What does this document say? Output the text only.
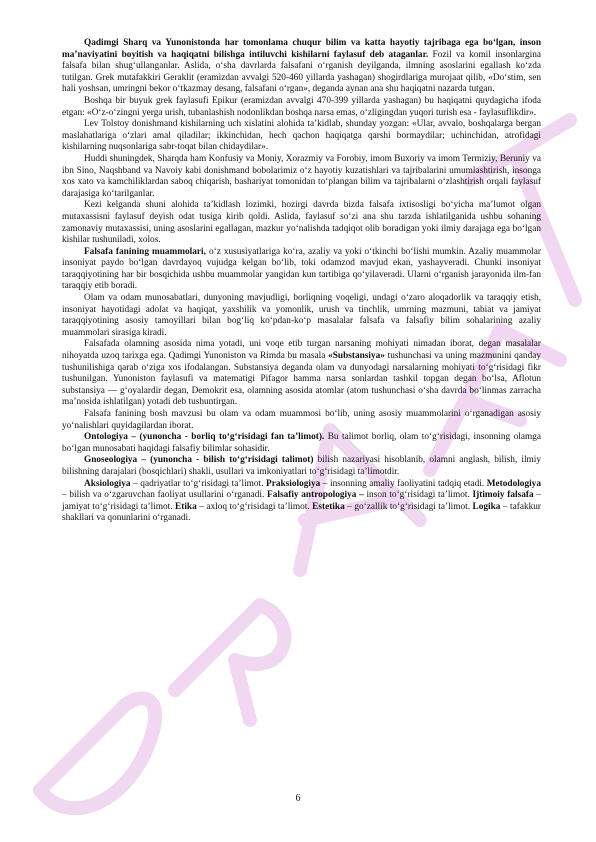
Qadimgi Sharq va Yunonistonda har tomonlama chuqur bilim va katta hayotiy tajribaga ega bo‘lgan, inson ma’naviyatini boyitish va haqiqatni bilishga intiluvchi kishilarni faylasuf deb ataganlar. Fozil va komil insonlargina falsafa bilan shug‘ullanganlar. Aslida, o‘sha davrlarda falsafani o‘rganish deyilganda, ilmning asoslarini egallash ko‘zda tutilgan. Grek mutafakkiri Geraklit (eramizdan avvalgi 520-460 yillarda yashagan) shogirdlariga murojaat qilib, «Do‘stim, sen hali yoshsan, umringni bekor o‘tkazmay desang, falsafani o‘rgan», deganda aynan ana shu haqiqatni nazarda tutgan.

Boshqa bir buyuk grek faylasufi Epikur (eramizdan avvalgi 470-399 yillarda yashagan) bu haqiqatni quydagicha ifoda etgan: «O‘z-o‘zingni yerga urish, tubanlashish nodonlikdan boshqa narsa emas, o‘zligingdan yuqori turish esa - faylasuflikdir».

Lev Tolstoy donishmand kishilarning uch xislatini alohida ta’kidlab, shunday yozgan: «Ular, avvalo, boshqalarga bergan maslahatlariga o‘zlari amal qiladilar; ikkinchidan, hech qachon haqiqatga qarshi bormaydilar; uchinchidan, atrofidagi kishilarning nuqsonlariga sabr-toqat bilan chidaydilar».

Huddi shuningdek, Sharqda ham Konfusiy va Moniy, Xorazmiy va Forobiy, imom Buxoriy va imom Termiziy, Beruniy va ibn Sino, Naqshband va Navoiy kabi donishmand bobolarimiz o‘z hayotiy kuzatishlari va tajribalarini umumlashtirish, insonga xos xato va kamchiliklardan saboq chiqarish, bashariyat tomonidan to‘plangan bilim va tajribalarni o‘zlashtirish orqali faylasuf darajasiga ko‘tarilganlar.

Kezi kelganda shuni alohida ta’kidlash lozimki, hozirgi davrda bizda falsafa ixtisosligi bo‘yicha ma’lumot olgan mutaxassisni faylasuf deyish odat tusiga kirib qoldi. Aslida, faylasuf so‘zi ana shu tarzda ishlatilganida ushbu sohaning zamonaviy mutaxassisi, uning asoslarini egallagan, mazkur yo‘nalishda tadqiqot olib boradigan yoki ilmiy darajaga ega bo‘lgan kishilar tushuniladi, xolos.

Falsafa fanining muammolari, o‘z xususiyatlariga ko‘ra, azaliy va yoki o‘tkinchi bo‘lishi mumkin. Azaliy muammolar insoniyat paydo bo‘lgan davrdayoq vujudga kelgan bo‘lib, toki odamzod mavjud ekan, yashayveradi. Chunki insoniyat taraqqiyotining har bir bosqichida ushbu muammolar yangidan kun tartibiga qo‘yilaveradi. Ularni o‘rganish jarayonida ilm-fan taraqqiy etib boradi.

Olam va odam munosabatlari, dunyoning mavjudligi, borliqning voqeligi, undagi o‘zaro aloqadorlik va taraqqiy etish, insoniyat hayotidagi adolat va haqiqat, yaxshilik va yomonlik, urush va tinchlik, umrning mazmuni, tabiat va jamiyat taraqqiyotining asosiy tamoyillari bilan bog‘liq ko‘pdan-ko‘p masalalar falsafa va falsafiy bilim sohalarining azaliy muammolari sirasiga kiradi.

Falsafada olamning asosida nima yotadi, uni voqe etib turgan narsaning mohiyati nimadan iborat, degan masalalar nihoyatda uzoq tarixga ega. Qadimgi Yunoniston va Rimda bu masala «Substansiya» tushunchasi va uning mazmunini qanday tushunilishiga qarab o‘ziga xos ifodalangan. Substansiya deganda olam va dunyodagi narsalarning mohiyati to‘g‘risidagi fikr tushunilgan. Yunoniston faylasufi va matematigi Pifagor hamma narsa sonlardan tashkil topgan degan bo‘lsa, Aflotun substansiya — g‘oyalardir degan, Demokrit esa, olamning asosida atomlar (atom tushunchasi o‘sha davrda bo‘linmas zarracha ma’nosida ishlatilgan) yotadi deb tushuntirgan.

Falsafa fanining bosh mavzusi bu olam va odam muammosi bo‘lib, uning asosiy muammolarini o‘rganadigan asosiy yo‘nalishlari quyidagilardan iborat.

Ontologiya – (yunoncha - borliq to‘g‘risidagi fan ta’limot). Bu talimot borliq, olam to‘g‘risidagi, insonning olamga bo‘lgan munosabati haqidagi falsafiy bilimlar sohasidir.

Gnoseologiya – (yunoncha - bilish to‘g‘risidagi talimot) bilish nazariyasi hisoblanib, olamni anglash, bilish, ilmiy bilishning darajalari (bosqichlari) shakli, usullari va imkoniyatlari to‘g‘risidagi ta’limotdir.

Aksiologiya – qadriyatlar to‘g‘risidagi ta’limot. Praksiologiya – insonning amaliy faoliyatini tadqiq etadi. Metodologiya – bilish va o‘zgaruvchan faoliyat usullarini o‘rganadi. Falsafiy antropologiya – inson to‘g‘risidagi ta’limot. Ijtimoiy falsafa – jamiyat to‘g‘risidagi ta’limot. Etika – axloq to‘g‘risidagi ta’limot. Estetika – go‘zallik to‘g‘risidagi ta’limot. Logika – tafakkur shakllari va qonunlarini o‘rganadi.

6
